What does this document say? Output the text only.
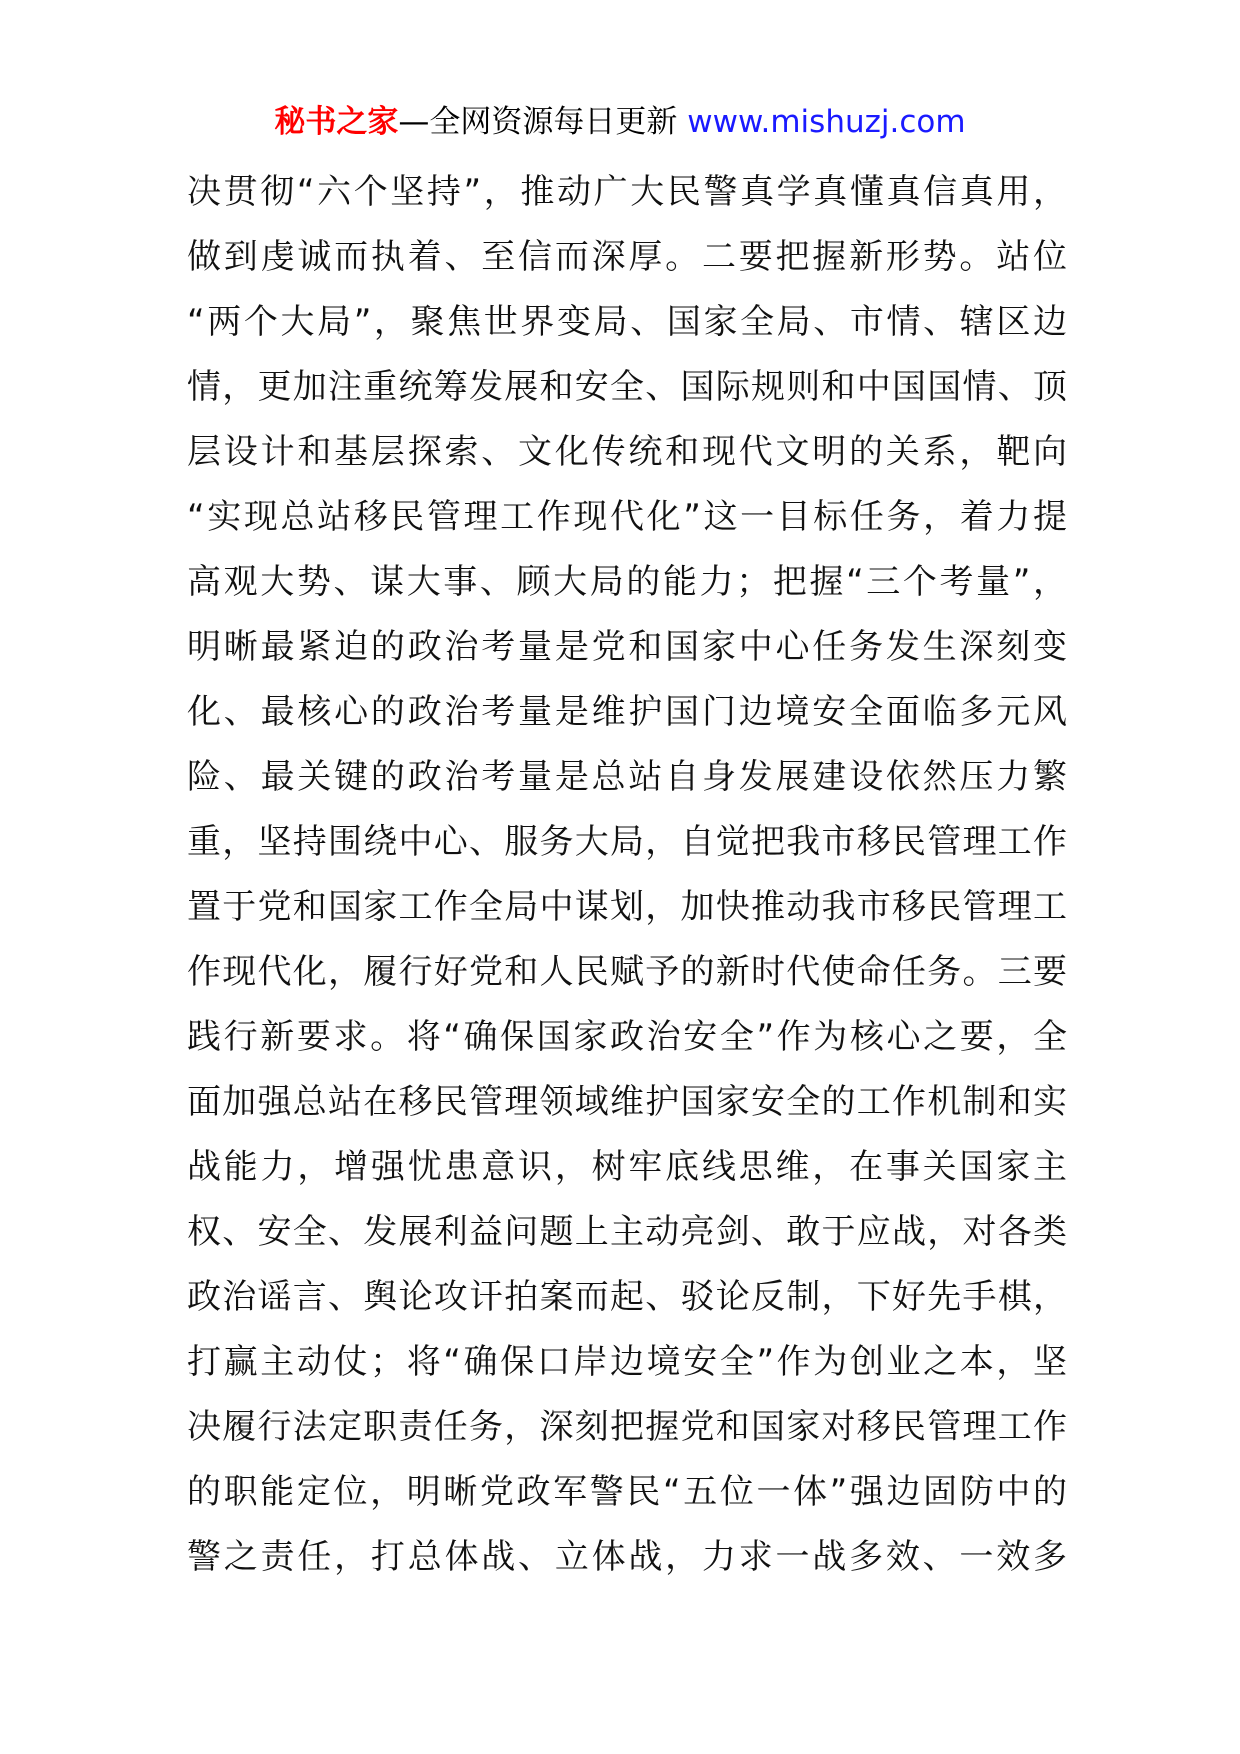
秘书之家—全网资源每日更新 www.mishuzj.com
决贯彻“六个坚持”，推动广大民警真学真懂真信真用，
做到虔诚而执着、至信而深厚。二要把握新形势。站位
“两个大局”，聚焦世界变局、国家全局、市情、辖区边
情，更加注重统筹发展和安全、国际规则和中国国情、顶
层设计和基层探索、文化传统和现代文明的关系，靶向
“实现总站移民管理工作现代化”这一目标任务，着力提
高观大势、谋大事、顾大局的能力；把握“三个考量”，
明晰最紧迫的政治考量是党和国家中心任务发生深刻变
化、最核心的政治考量是维护国门边境安全面临多元风
险、最关键的政治考量是总站自身发展建设依然压力繁
重，坚持围绕中心、服务大局，自觉把我市移民管理工作
置于党和国家工作全局中谋划，加快推动我市移民管理工
作现代化，履行好党和人民赋予的新时代使命任务。三要
践行新要求。将“确保国家政治安全”作为核心之要，全
面加强总站在移民管理领域维护国家安全的工作机制和实
战能力，增强忧患意识，树牢底线思维，在事关国家主
权、安全、发展利益问题上主动亮剑、敢于应战，对各类
政治谣言、舆论攻讦拍案而起、驳论反制，下好先手棋，
打赢主动仗；将“确保口岸边境安全”作为创业之本，坚
决履行法定职责任务，深刻把握党和国家对移民管理工作
的职能定位，明晰党政军警民“五位一体”强边固防中的
警之责任，打总体战、立体战，力求一战多效、一效多
